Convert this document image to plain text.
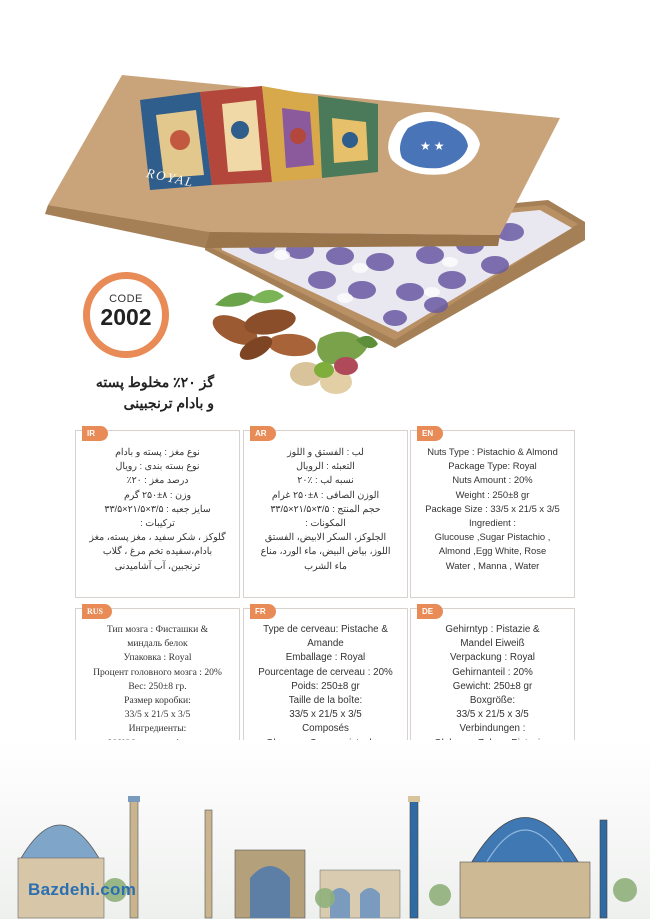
★ ★
ROYAL
CODE
2002
گز ۲۰٪ مخلوط پسته
و بادام ترنجبینی
IR
نوع مغز : پسته و بادام
نوع بسته بندی : رویال
درصد مغز : ۲۰٪
وزن : ۸±۲۵۰ گرم
سایز جعبه : ۳/۵×۲۱/۵×۳۳/۵
ترکیبات :
گلوکز ، شکر سفید ، مغز پسته، مغز
بادام،سفیده تخم مرغ ، گلاب
ترنجبین، آب آشامیدنی
AR
لب : الفستق و اللوز
التعبئه : الرويال
نسبه لب : ٪۲۰
الوزن الصافى : ۸±۲۵۰ غرام
حجم المنتج : ۳/۵×۲۱/۵×۳۳/۵
المكونات :
الجلوكز، السكر الابيض، الفستق
اللوز، بياض البيض، ماء الورد، مناع
ماء الشرب
EN
Nuts Type : Pistachio & Almond
Package Type: Royal
Nuts Amount : 20%
Weight : 250±8 gr
Package Size : 33/5 x 21/5 x 3/5
Ingredient :
Glucouse ,Sugar Pistachio ,
Almond ,Egg White, Rose
Water , Manna , Water
RUS
Тип мозга : Фисташки &
миндаль белок
Упаковка : Royal
Процент головного мозга : 20%
Вес: 250±8 гр.
Размер коробки:
33/5 x 21/5 x 3/5
Ингредиенты:
FR
Type de cerveau: Pistache &
Amande
Emballage : Royal
Pourcentage de cerveau : 20%
Poids: 250±8 gr
Taille de la boîte:
33/5 x 21/5 x 3/5
Composés
DE
Gehirntyp : Pistazie &
Mandel Eiweiß
Verpackung : Royal
Gehirnanteil : 20%
Gewicht: 250±8 gr
Boxgröße:
33/5 x 21/5 x 3/5
Verbindungen :
Bazdehi.com
